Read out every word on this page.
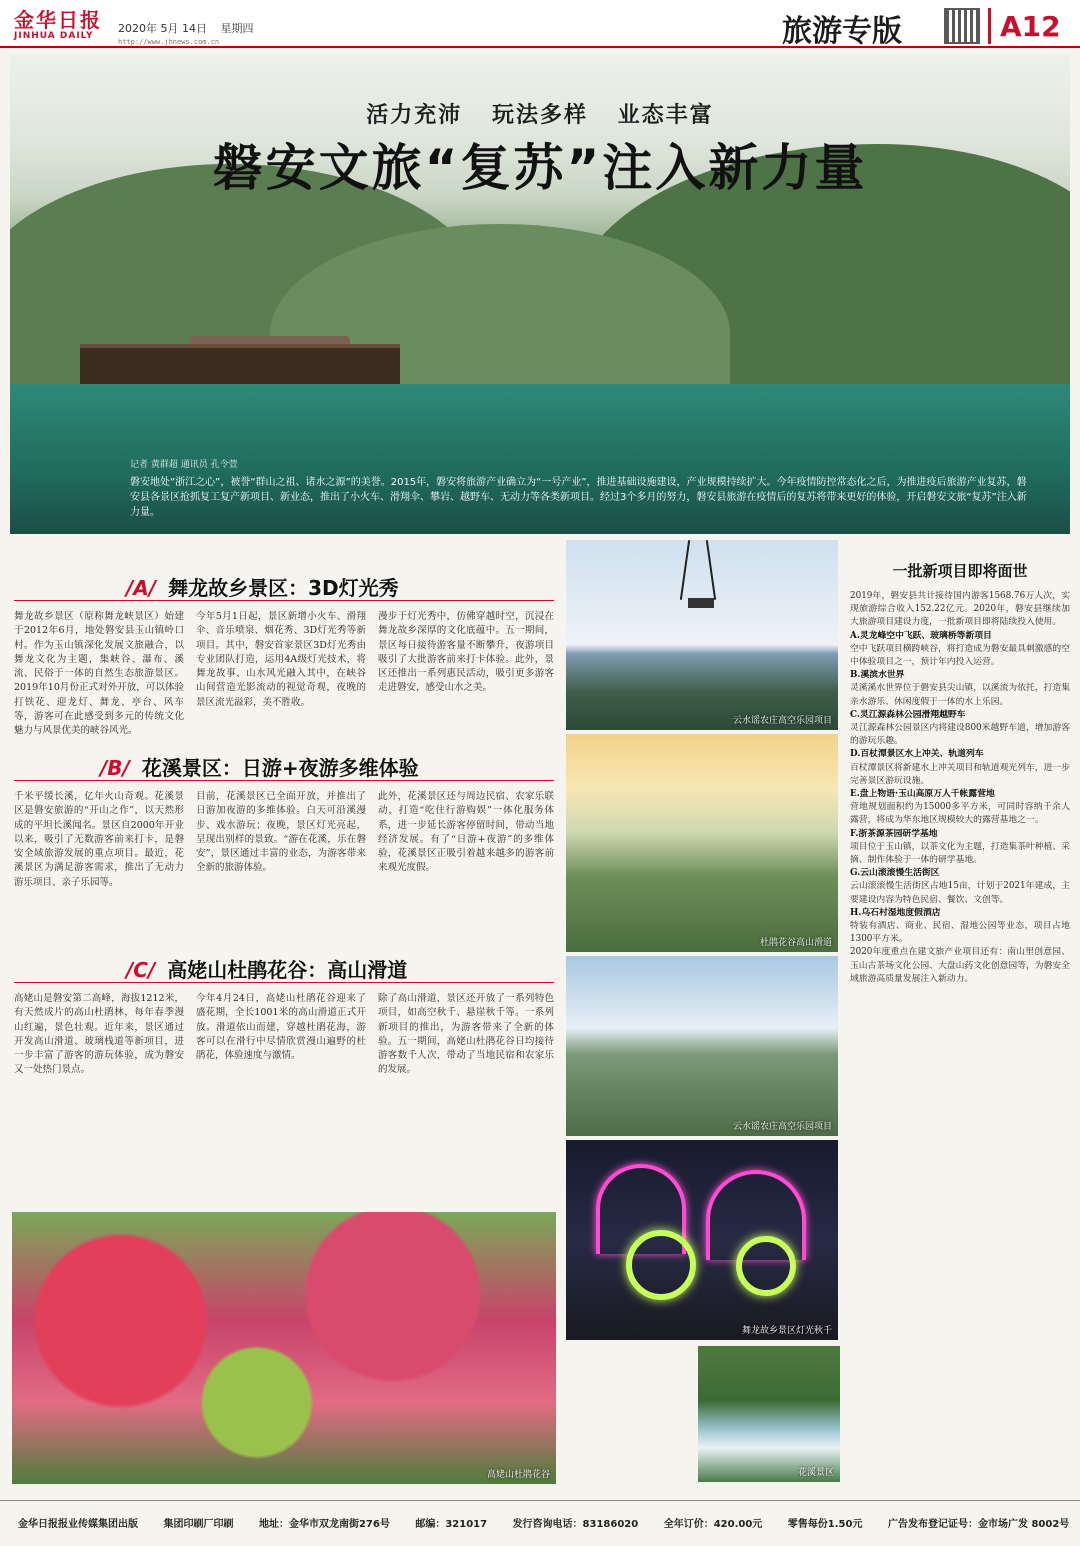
金华日报
JINHUA DAILY
2020年 5月 14日 星期四
http://www.jhnews.com.cn	旅游专版	A12
活力充沛 玩法多样 业态丰富
磐安文旅“复苏”注入新力量
记者 黄群超 通讯员 孔令萱
磐安地处“浙江之心”，被誉“群山之祖、诸水之源”的美誉。2015年，磐安将旅游产业确立为“一号产业”，推进基础设施建设，产业规模持续扩大。今年疫情防控常态化之后，为推进疫后旅游产业复苏，磐安县各景区抢抓复工复产新项目、新业态，推出了小火车、滑翔伞、攀岩、越野车、无动力等各类新项目。经过3个多月的努力，磐安县旅游在疫情后的复苏将带来更好的体验，开启磐安文旅“复苏”注入新力量。
/A/ 舞龙故乡景区：3D灯光秀
舞龙故乡景区（原称舞龙峡景区）始建于2012年6月，地处磐安县玉山镇岭口村。作为玉山镇深化发展文旅融合，以舞龙文化为主题，集峡谷、瀑布、溪流、民俗于一体的自然生态旅游景区。2019年10月份正式对外开放，可以体验打铁花、迎龙灯、舞龙、亭台、风车等，游客可在此感受到多元的传统文化魅力与风景优美的峡谷风光。
今年5月1日起，景区新增小火车、滑翔伞、音乐喷泉、烟花秀、3D灯光秀等新项目。其中，磐安首家景区3D灯光秀由专业团队打造，运用4A级灯光技术，将舞龙故事、山水风光融入其中，在峡谷山间营造光影流动的视觉奇观，夜晚的景区流光溢彩，美不胜收。
漫步于灯光秀中，仿佛穿越时空，沉浸在舞龙故乡深厚的文化底蕴中。五一期间，景区每日接待游客量不断攀升，夜游项目吸引了大批游客前来打卡体验。此外，景区还推出一系列惠民活动，吸引更多游客走进磐安，感受山水之美。
/B/ 花溪景区：日游+夜游多维体验
千米平缓长溪，亿年火山奇观。花溪景区是磐安旅游的“开山之作”，以天然形成的平坦长溪闻名。景区自2000年开业以来，吸引了无数游客前来打卡，是磐安全域旅游发展的重点项目。最近，花溪景区为满足游客需求，推出了无动力游乐项目、亲子乐园等。
目前，花溪景区已全面开放，并推出了日游加夜游的多维体验。白天可沿溪漫步、戏水游玩；夜晚，景区灯光亮起，呈现出别样的景致。“游在花溪，乐在磐安”，景区通过丰富的业态，为游客带来全新的旅游体验。
此外，花溪景区还与周边民宿、农家乐联动，打造“吃住行游购娱”一体化服务体系，进一步延长游客停留时间，带动当地经济发展。有了“日游+夜游”的多维体验，花溪景区正吸引着越来越多的游客前来观光度假。
/C/ 高姥山杜鹃花谷：高山滑道
高姥山是磐安第二高峰，海拔1212米，有天然成片的高山杜鹃林，每年春季漫山红遍，景色壮观。近年来，景区通过开发高山滑道、玻璃栈道等新项目，进一步丰富了游客的游玩体验，成为磐安又一处热门景点。
今年4月24日，高姥山杜鹃花谷迎来了盛花期，全长1001米的高山滑道正式开放。滑道依山而建，穿越杜鹃花海，游客可以在滑行中尽情欣赏漫山遍野的杜鹃花，体验速度与激情。
除了高山滑道，景区还开放了一系列特色项目，如高空秋千、悬崖秋千等。一系列新项目的推出，为游客带来了全新的体验。五一期间，高姥山杜鹃花谷日均接待游客数千人次，带动了当地民宿和农家乐的发展。
云水谣农庄高空乐园项目
杜鹃花谷高山滑道
云水谣农庄高空乐园项目
舞龙故乡景区灯光秋千
高姥山杜鹃花谷	花溪景区
一批新项目即将面世

2019年，磐安县共计接待国内游客1568.76万人次，实现旅游综合收入152.22亿元。2020年，磐安县继续加大旅游项目建设力度，一批新项目即将陆续投入使用。

A.灵龙峰空中飞跃、玻璃桥等新项目

空中飞跃项目横跨峡谷，将打造成为磐安最具刺激感的空中体验项目之一，预计年内投入运营。

B.溪滨水世界

灵溪溪水世界位于磐安县尖山镇，以溪流为依托，打造集亲水游乐、休闲度假于一体的水上乐园。

C.灵江源森林公园滑翔越野车

灵江源森林公园景区内将建设800米越野车道，增加游客的游玩乐趣。

D.百杖潭景区水上冲关、轨道列车

百杖潭景区将新建水上冲关项目和轨道观光列车，进一步完善景区游玩设施。

E.盘上物语·玉山高原万人千帐露营地

营地规划面积约为15000多平方米，可同时容纳千余人露营，将成为华东地区规模较大的露营基地之一。

F.浙茶源茶园研学基地

项目位于玉山镇，以茶文化为主题，打造集茶叶种植、采摘、制作体验于一体的研学基地。

G.云山滚滚慢生活街区

云山滚滚慢生活街区占地15亩，计划于2021年建成，主要建设内容为特色民宿、餐饮、文创等。

H.乌石村湿地度假酒店

特装有酒店、商业、民宿、湿地公园等业态，项目占地1300平方米。

2020年度重点在建文旅产业项目还有：南山里创意园、玉山古茶场文化公园、大盘山药文化创意园等，为磐安全域旅游高质量发展注入新动力。

金华日报报业传媒集团出版	集团印刷厂印刷	地址：金华市双龙南街276号	邮编：321017	发行咨询电话：83186020	全年订价：420.00元	零售每份1.50元	广告发布登记证号：金市场广发 8002号
